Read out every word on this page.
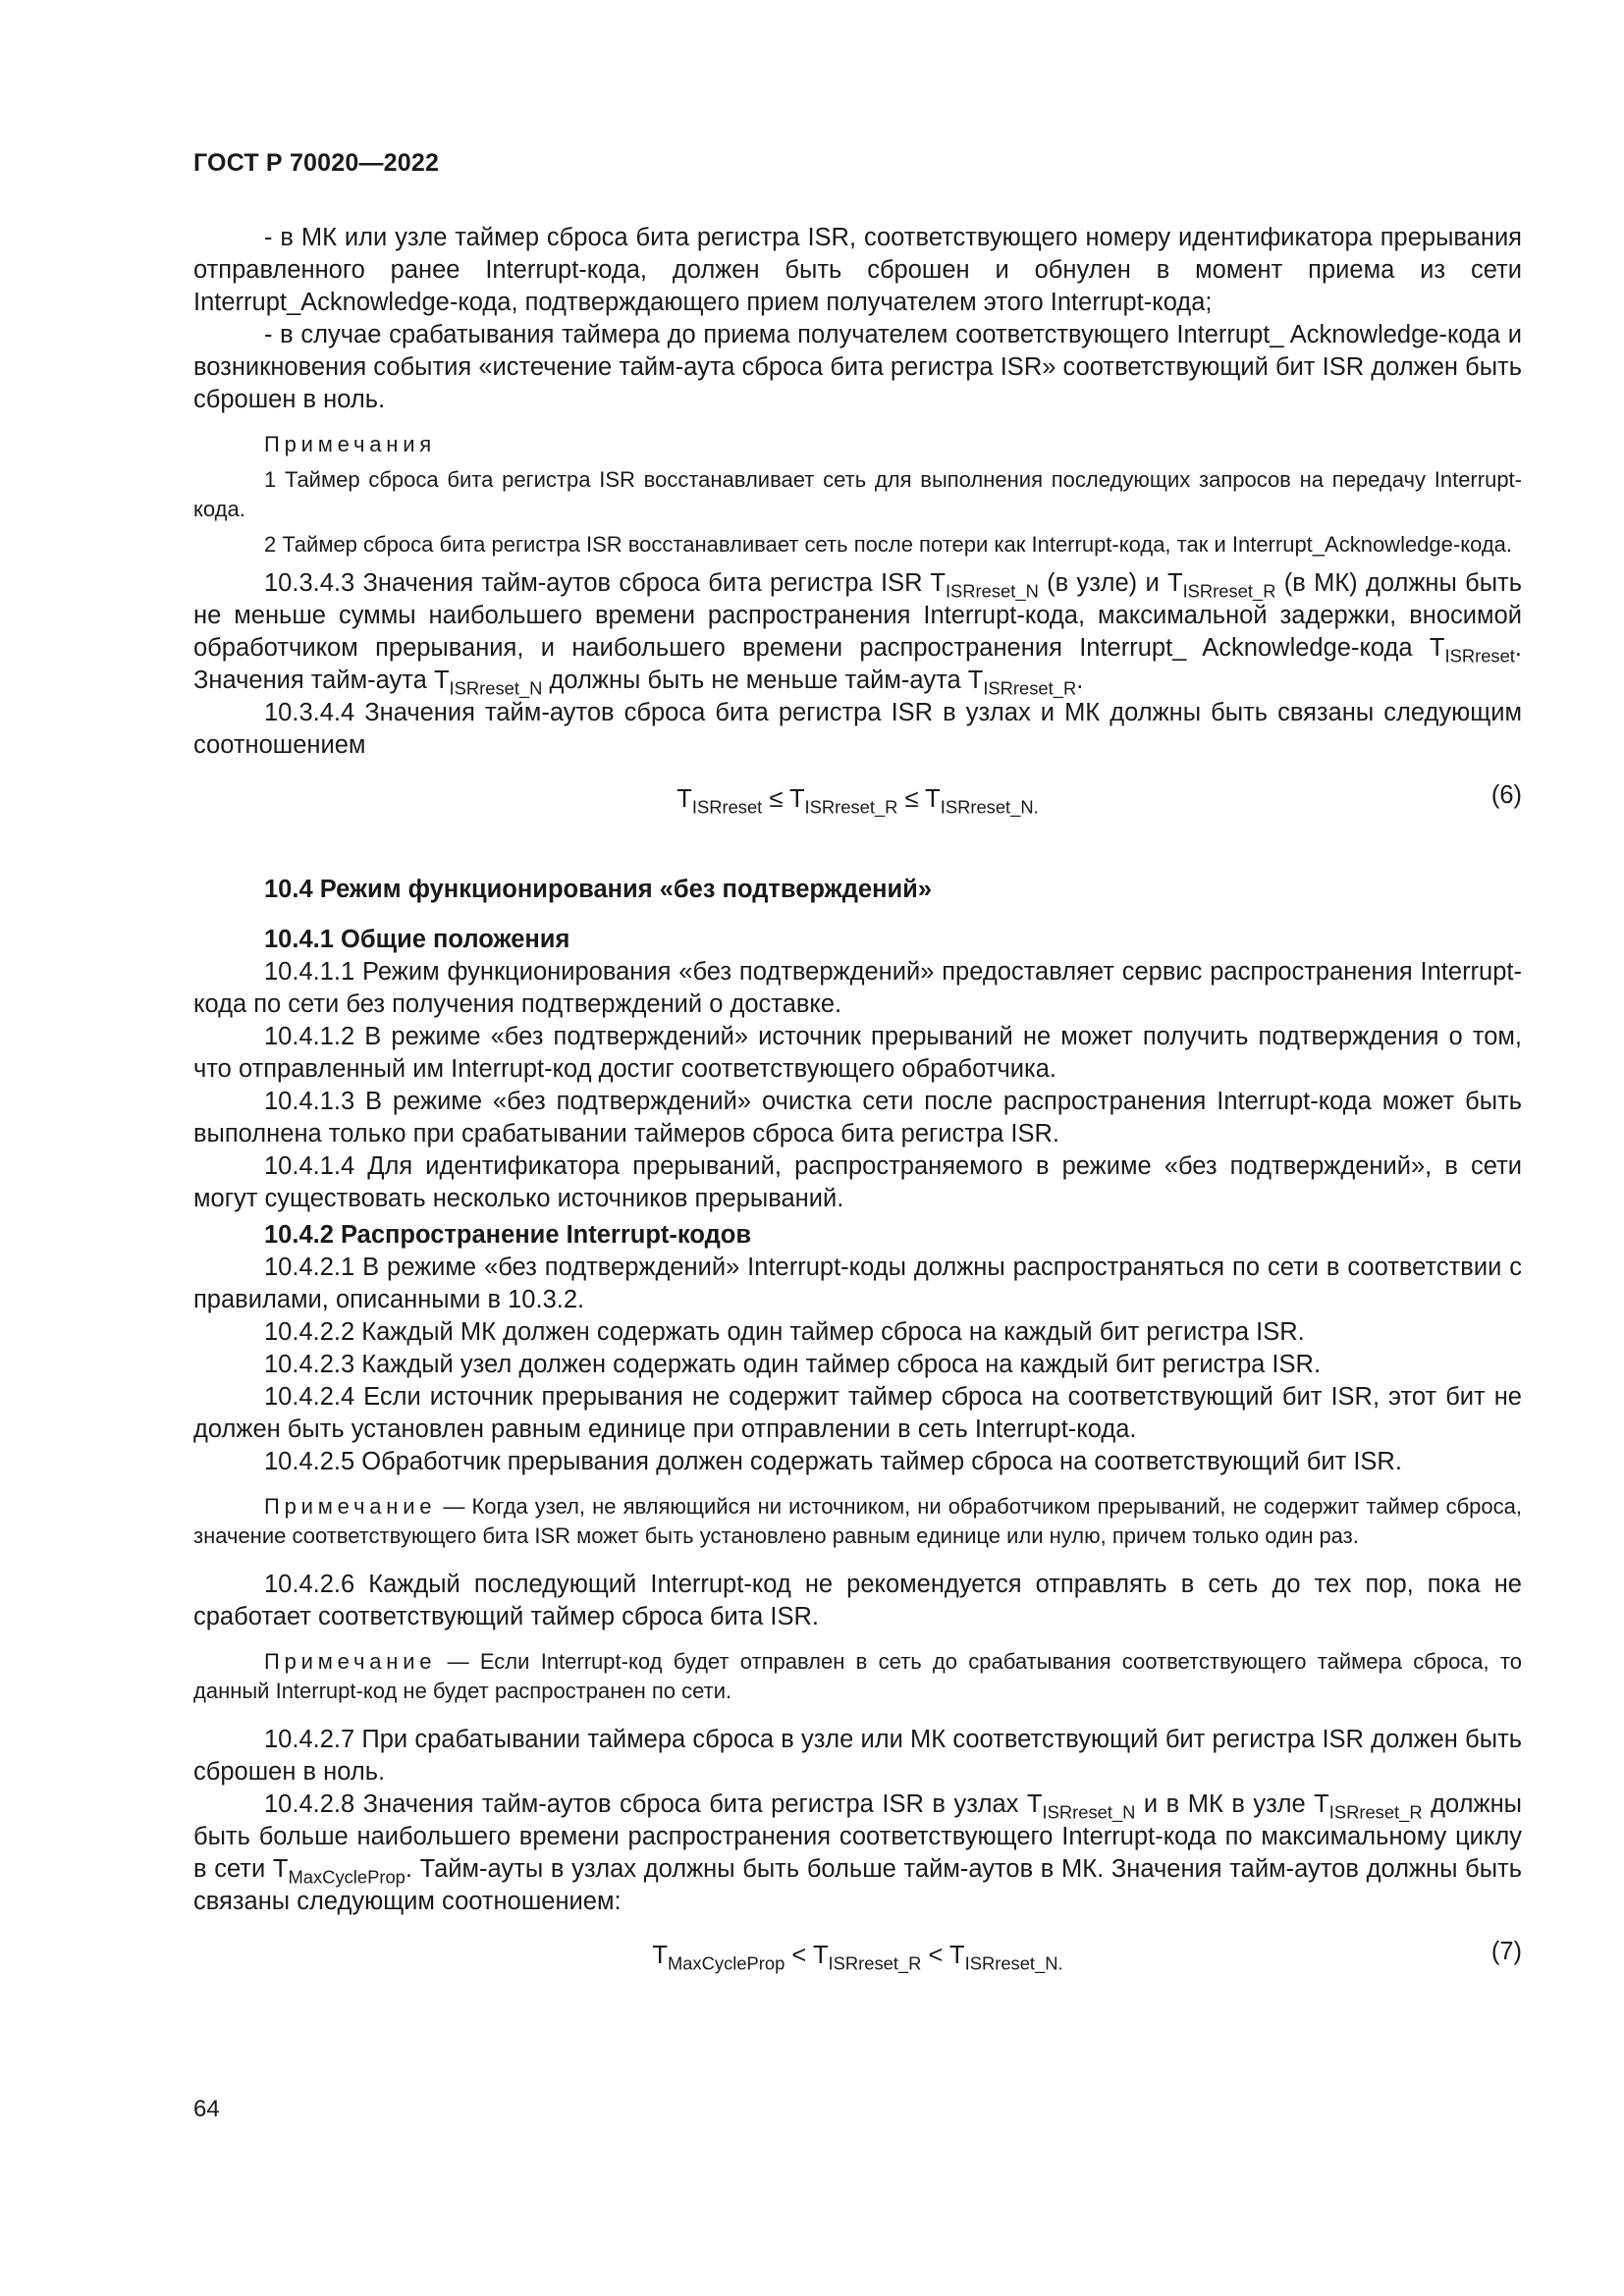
ГОСТ Р 70020—2022

- в МК или узле таймер сброса бита регистра ISR, соответствующего номеру идентификатора прерывания отправленного ранее Interrupt-кода, должен быть сброшен и обнулен в момент приема из сети Interrupt_Acknowledge-кода, подтверждающего прием получателем этого Interrupt-кода;

- в случае срабатывания таймера до приема получателем соответствующего Interrupt_ Acknowledge-кода и возникновения события «истечение тайм-аута сброса бита регистра ISR» соответствующий бит ISR должен быть сброшен в ноль.

Примечания

1 Таймер сброса бита регистра ISR восстанавливает сеть для выполнения последующих запросов на передачу Interrupt-кода.

2 Таймер сброса бита регистра ISR восстанавливает сеть после потери как Interrupt-кода, так и Interrupt_Acknowledge-кода.

10.3.4.3 Значения тайм-аутов сброса бита регистра ISR $T_{ISRreset\_N}$ (в узле) и $T_{ISRreset\_R}$ (в МК) должны быть не меньше суммы наибольшего времени распространения Interrupt-кода, максимальной задержки, вносимой обработчиком прерывания, и наибольшего времени распространения Interrupt_ Acknowledge-кода $T_{ISRreset}$. Значения тайм-аута $T_{ISRreset\_N}$ должны быть не меньше тайм-аута $T_{ISRreset\_R}$.

10.3.4.4 Значения тайм-аутов сброса бита регистра ISR в узлах и МК должны быть связаны следующим соотношением

$T_{ISRreset} \le T_{ISRreset\_R} \le T_{ISRreset\_N.}$	(6)

10.4 Режим функционирования «без подтверждений»

10.4.1 Общие положения

10.4.1.1 Режим функционирования «без подтверждений» предоставляет сервис распространения Interrupt-кода по сети без получения подтверждений о доставке.

10.4.1.2 В режиме «без подтверждений» источник прерываний не может получить подтверждения о том, что отправленный им Interrupt-код достиг соответствующего обработчика.

10.4.1.3 В режиме «без подтверждений» очистка сети после распространения Interrupt-кода может быть выполнена только при срабатывании таймеров сброса бита регистра ISR.

10.4.1.4 Для идентификатора прерываний, распространяемого в режиме «без подтверждений», в сети могут существовать несколько источников прерываний.

10.4.2 Распространение Interrupt-кодов

10.4.2.1 В режиме «без подтверждений» Interrupt-коды должны распространяться по сети в соответствии с правилами, описанными в 10.3.2.

10.4.2.2 Каждый МК должен содержать один таймер сброса на каждый бит регистра ISR.

10.4.2.3 Каждый узел должен содержать один таймер сброса на каждый бит регистра ISR.

10.4.2.4 Если источник прерывания не содержит таймер сброса на соответствующий бит ISR, этот бит не должен быть установлен равным единице при отправлении в сеть Interrupt-кода.

10.4.2.5 Обработчик прерывания должен содержать таймер сброса на соответствующий бит ISR.

Примечание — Когда узел, не являющийся ни источником, ни обработчиком прерываний, не содержит таймер сброса, значение соответствующего бита ISR может быть установлено равным единице или нулю, причем только один раз.

10.4.2.6 Каждый последующий Interrupt-код не рекомендуется отправлять в сеть до тех пор, пока не сработает соответствующий таймер сброса бита ISR.

Примечание — Если Interrupt-код будет отправлен в сеть до срабатывания соответствующего таймера сброса, то данный Interrupt-код не будет распространен по сети.

10.4.2.7 При срабатывании таймера сброса в узле или МК соответствующий бит регистра ISR должен быть сброшен в ноль.

10.4.2.8 Значения тайм-аутов сброса бита регистра ISR в узлах $T_{ISRreset\_N}$ и в МК в узле $T_{ISRreset\_R}$ должны быть больше наибольшего времени распространения соответствующего Interrupt-кода по максимальному циклу в сети $T_{MaxCycleProp}$. Тайм-ауты в узлах должны быть больше тайм-аутов в МК. Значения тайм-аутов должны быть связаны следующим соотношением:

$T_{MaxCycleProp} < T_{ISRreset\_R} < T_{ISRreset\_N.}$	(7)
64
